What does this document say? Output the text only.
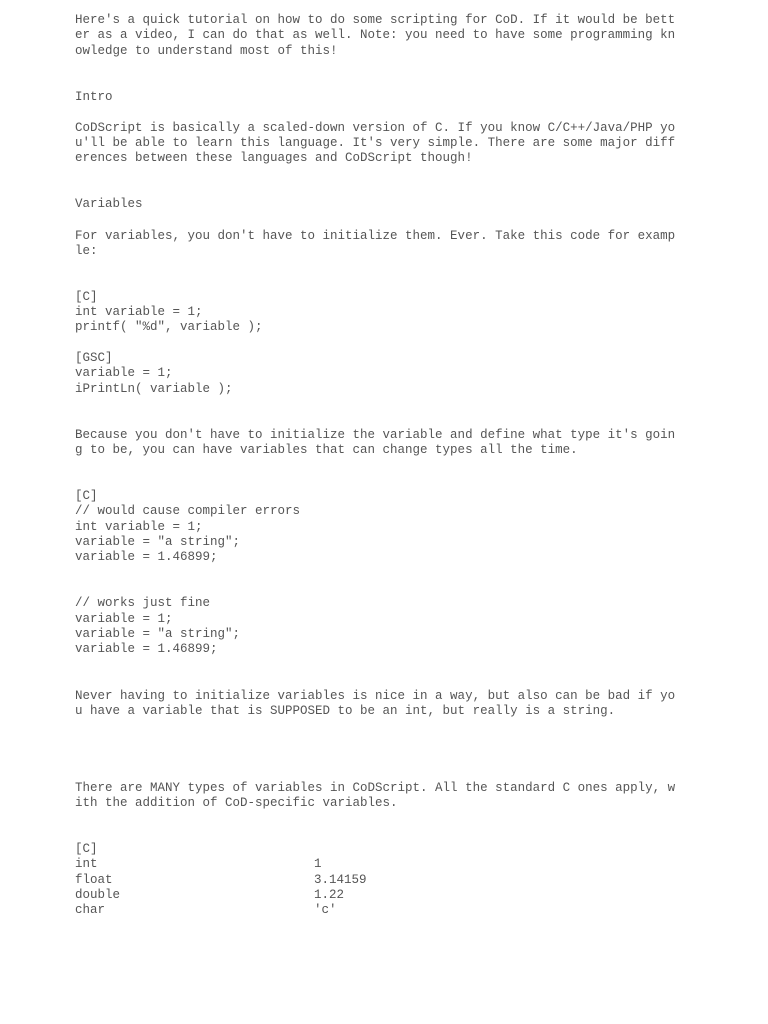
Here's a quick tutorial on how to do some scripting for CoD. If it would be bett
er as a video, I can do that as well. Note: you need to have some programming kn
owledge to understand most of this!
Intro
CoDScript is basically a scaled-down version of C. If you know C/C++/Java/PHP yo
u'll be able to learn this language. It's very simple. There are some major diff
erences between these languages and CoDScript though!
Variables
For variables, you don't have to initialize them. Ever. Take this code for examp
le:
[C]
int variable = 1;
printf( "%d", variable );
[GSC]
variable = 1;
iPrintLn( variable );
Because you don't have to initialize the variable and define what type it's goin
g to be, you can have variables that can change types all the time.
[C]
// would cause compiler errors
int variable = 1;
variable = "a string";
variable = 1.46899;
// works just fine
variable = 1;
variable = "a string";
variable = 1.46899;
Never having to initialize variables is nice in a way, but also can be bad if yo
u have a variable that is SUPPOSED to be an int, but really is a string.
There are MANY types of variables in CoDScript. All the standard C ones apply, w
ith the addition of CoD-specific variables.
[C]
int	1
float	3.14159
double	1.22
char	'c'
